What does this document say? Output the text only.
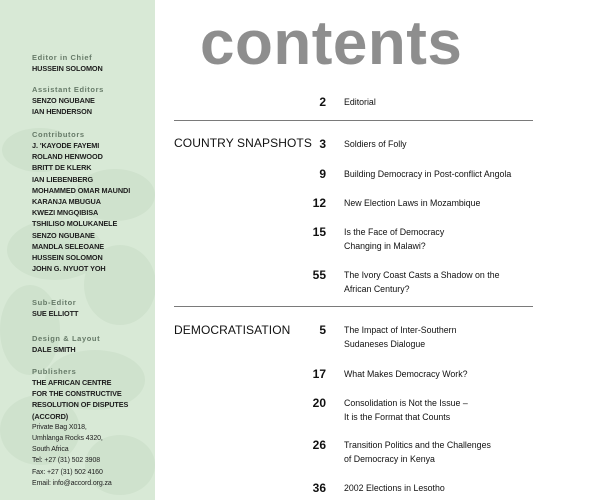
Editor in Chief
HUSSEIN SOLOMON
Assistant Editors
SENZO NGUBANE
IAN HENDERSON
Contributors
J. 'KAYODE FAYEMI
ROLAND HENWOOD
BRITT DE KLERK
IAN LIEBENBERG
MOHAMMED OMAR MAUNDI
KARANJA MBUGUA
KWEZI MNGQIBISA
TSHILISO MOLUKANELE
SENZO NGUBANE
MANDLA SELEOANE
HUSSEIN SOLOMON
JOHN G. NYUOT YOH
Sub-Editor
SUE ELLIOTT
Design & Layout
DALE SMITH
Publishers
THE AFRICAN CENTRE
FOR THE CONSTRUCTIVE
RESOLUTION OF DISPUTES
(ACCORD)
Private Bag X018,
Umhlanga Rocks 4320,
South Africa
Tel: +27 (31) 502 3908
Fax: +27 (31) 502 4160
Email: info@accord.org.za
contents
2 Editorial
COUNTRY SNAPSHOTS 3 Soldiers of Folly
9 Building Democracy in Post-conflict Angola
12 New Election Laws in Mozambique
15 Is the Face of Democracy
Changing in Malawi?
55 The Ivory Coast Casts a Shadow on the
African Century?
DEMOCRATISATION	5 The Impact of Inter-Southern
Sudaneses Dialogue
17 What Makes Democracy Work?
20 Consolidation is Not the Issue –
It is the Format that Counts
26 Transition Politics and the Challenges
of Democracy in Kenya
36 2002 Elections in Lesotho
